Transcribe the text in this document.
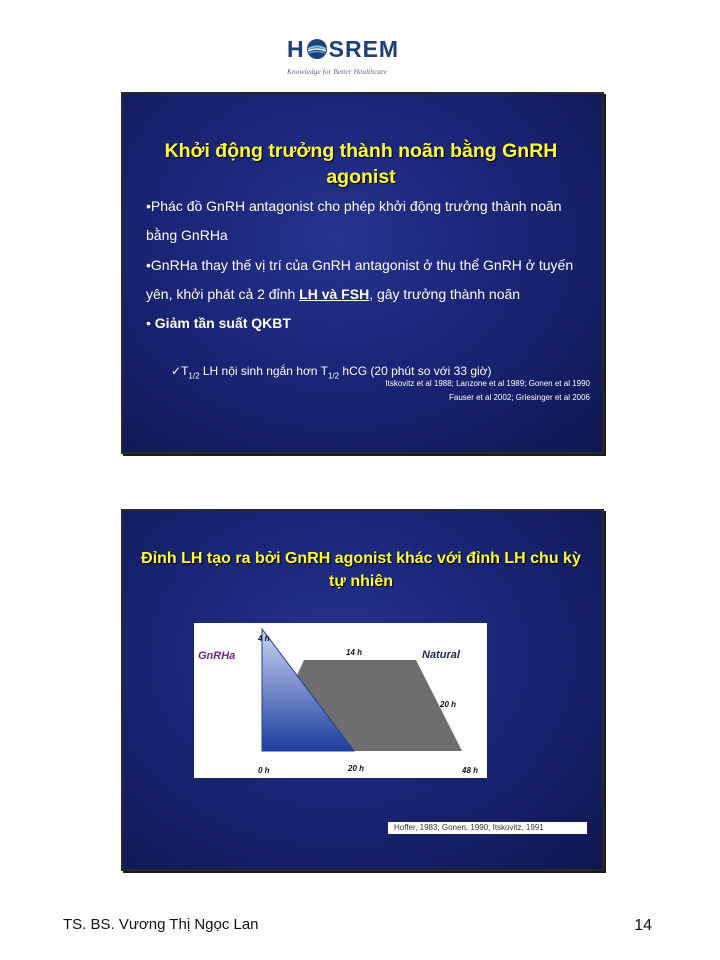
H SREM
Knowledge for Better Healthcare
Khởi động trưởng thành noãn bằng GnRH agonist

•Phác đồ GnRH antagonist cho phép khởi động trưởng thành noãn bằng GnRHa

•GnRHa thay thế vị trí của GnRH antagonist ở thụ thể GnRH ở tuyến yên, khởi phát cả 2 đỉnh LH và FSH, gây trưởng thành noãn

• Giảm tần suất QKBT

$✓T_{1/2}$ LH nội sinh ngắn hơn $T_{1/2}$ hCG (20 phút so với 33 giờ)
Itskovitz et al 1988; Lanzone et al 1989; Gonen et al 1990
Fauser et al 2002; Griesinger et al 2006
Đỉnh LH tạo ra bởi GnRH agonist khác với đỉnh LH chu kỳ tự nhiên
GnRHa	Natural
4 h
14 h
20 h
0 h	20 h	48 h
Hoffer, 1983; Gonen, 1990; Itskovitz, 1991
TS. BS. Vương Thị Ngọc Lan	14
